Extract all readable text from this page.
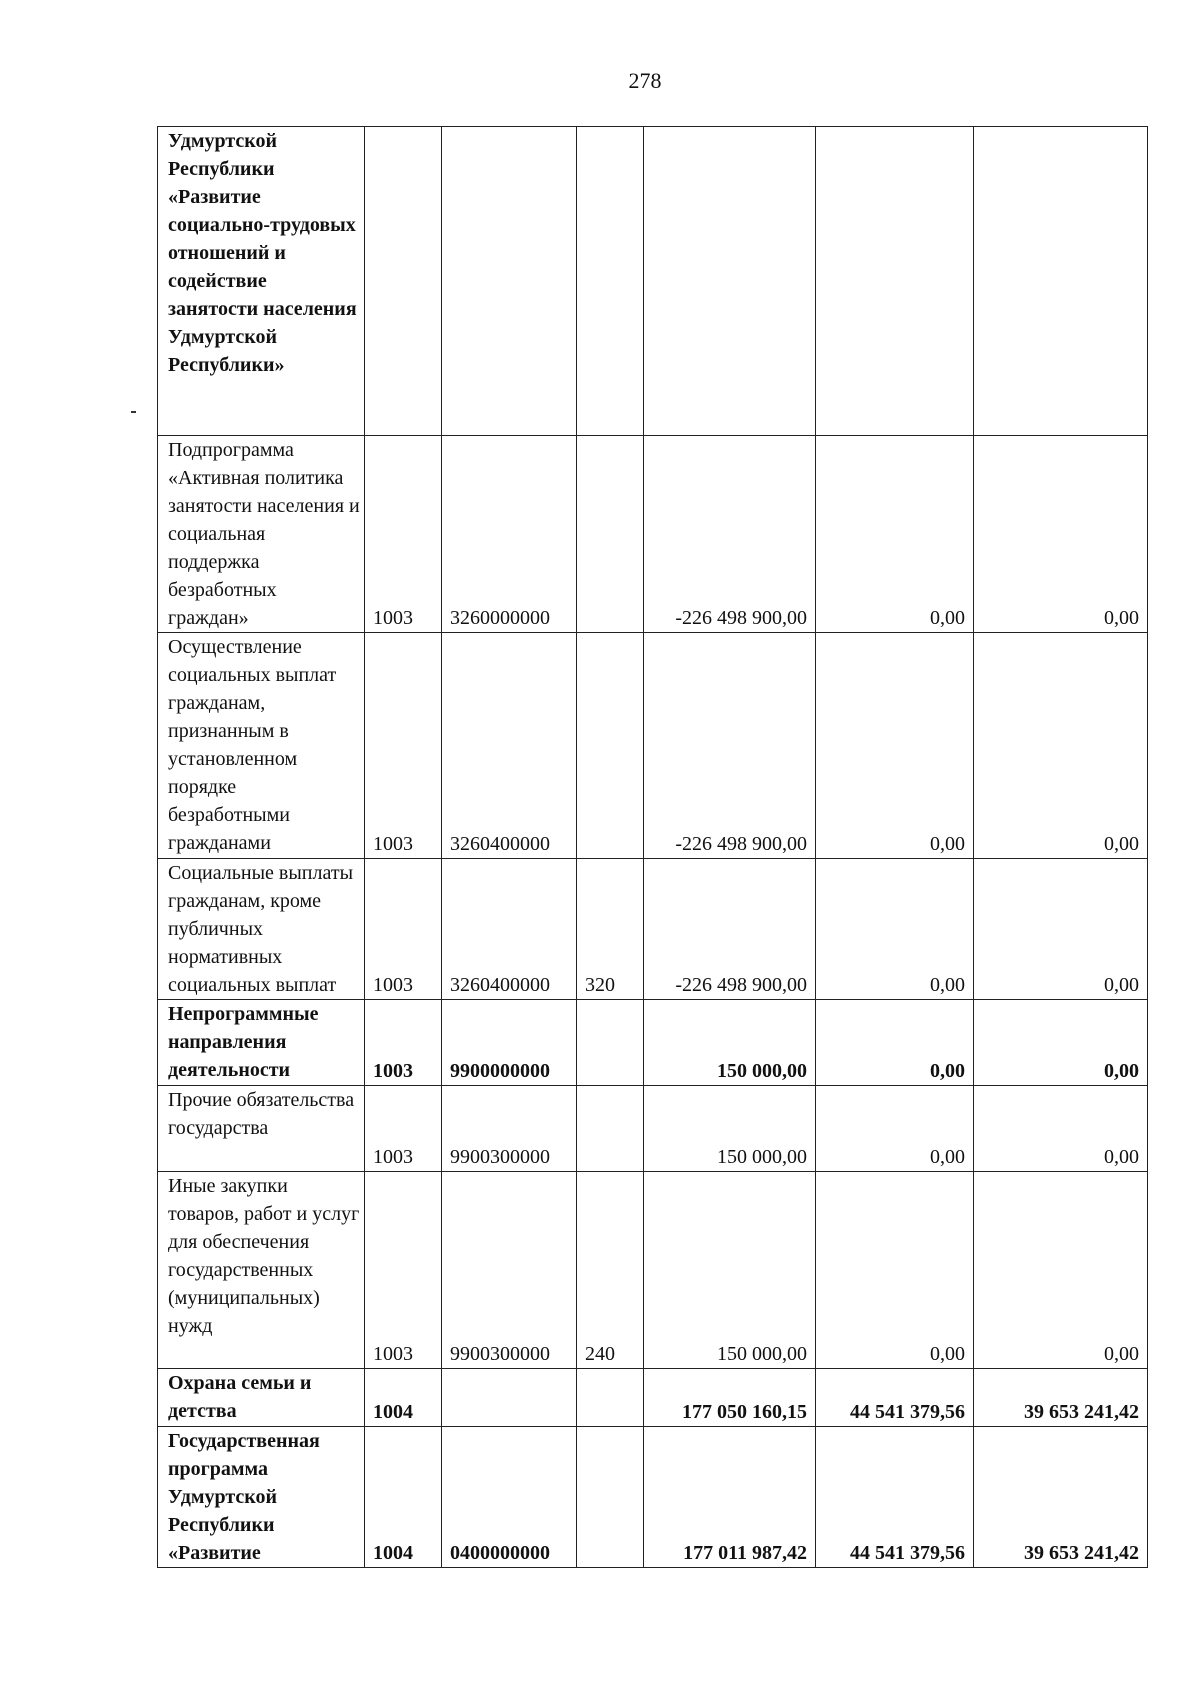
278
Удмуртской Республики «Развитие социально-трудовых отношений и содействие занятости населения Удмуртской Республики»						
Подпрограмма «Активная политика занятости населения и социальная поддержка безработных граждан»	1003	3260000000		-226 498 900,00	0,00	0,00
Осуществление социальных выплат гражданам, признанным в установленном порядке безработными гражданами	1003	3260400000		-226 498 900,00	0,00	0,00
Социальные выплаты гражданам, кроме публичных нормативных социальных выплат	1003	3260400000	320	-226 498 900,00	0,00	0,00
Непрограммные направления деятельности	1003	9900000000		150 000,00	0,00	0,00
Прочие обязательства государства	1003	9900300000		150 000,00	0,00	0,00
Иные закупки товаров, работ и услуг для обеспечения государственных (муниципальных) нужд	1003	9900300000	240	150 000,00	0,00	0,00
Охрана семьи и детства	1004			177 050 160,15	44 541 379,56	39 653 241,42
Государственная программа Удмуртской Республики «Развитие	1004	0400000000		177 011 987,42	44 541 379,56	39 653 241,42
